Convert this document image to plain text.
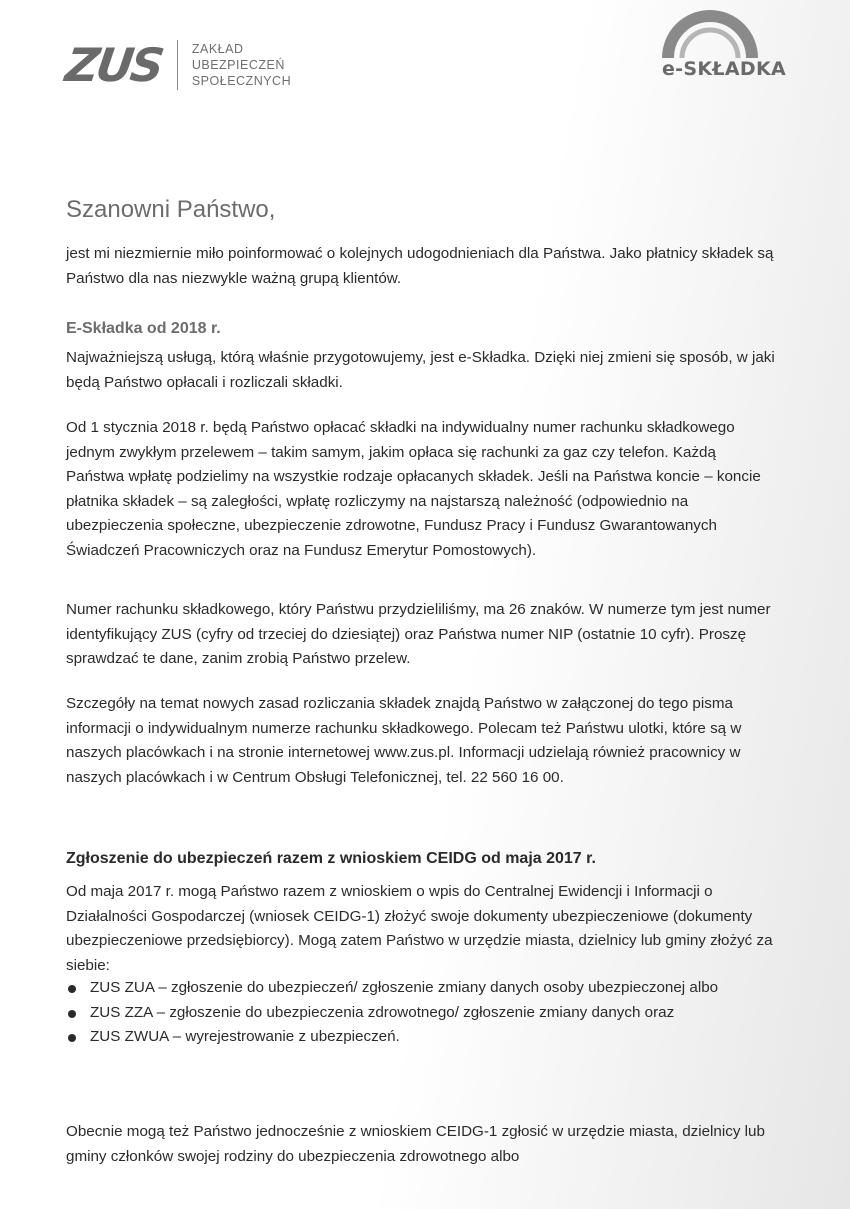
ZUS ZAKŁAD
UBEZPIECZEŃ
SPOŁECZNYCH
e-SKŁADKA
Szanowni Państwo,
jest mi niezmiernie miło poinformować o kolejnych udogodnieniach dla Państwa. Jako płatnicy składek są Państwo dla nas niezwykle ważną grupą klientów.
E-Składka od 2018 r.
Najważniejszą usługą, którą właśnie przygotowujemy, jest e-Składka. Dzięki niej zmieni się sposób, w jaki będą Państwo opłacali i rozliczali składki.
Od 1 stycznia 2018 r. będą Państwo opłacać składki na indywidualny numer rachunku składkowego jednym zwykłym przelewem – takim samym, jakim opłaca się rachunki za gaz czy telefon. Każdą Państwa wpłatę podzielimy na wszystkie rodzaje opłacanych składek. Jeśli na Państwa koncie – koncie płatnika składek – są zaległości, wpłatę rozliczymy na najstarszą należność (odpowiednio na ubezpieczenia społeczne, ubezpieczenie zdrowotne, Fundusz Pracy i Fundusz Gwarantowanych Świadczeń Pracowniczych oraz na Fundusz Emerytur Pomostowych).
Numer rachunku składkowego, który Państwu przydzieliliśmy, ma 26 znaków. W numerze tym jest numer identyfikujący ZUS (cyfry od trzeciej do dziesiątej) oraz Państwa numer NIP (ostatnie 10 cyfr). Proszę sprawdzać te dane, zanim zrobią Państwo przelew.
Szczegóły na temat nowych zasad rozliczania składek znajdą Państwo w załączonej do tego pisma informacji o indywidualnym numerze rachunku składkowego. Polecam też Państwu ulotki, które są w naszych placówkach i na stronie internetowej www.zus.pl. Informacji udzielają również pracownicy w naszych placówkach i w Centrum Obsługi Telefonicznej, tel. 22 560 16 00.
Zgłoszenie do ubezpieczeń razem z wnioskiem CEIDG od maja 2017 r.
Od maja 2017 r. mogą Państwo razem z wnioskiem o wpis do Centralnej Ewidencji i Informacji o Działalności Gospodarczej (wniosek CEIDG-1) złożyć swoje dokumenty ubezpieczeniowe (dokumenty ubezpieczeniowe przedsiębiorcy). Mogą zatem Państwo w urzędzie miasta, dzielnicy lub gminy złożyć za siebie:
ZUS ZUA – zgłoszenie do ubezpieczeń/ zgłoszenie zmiany danych osoby ubezpieczonej albo
ZUS ZZA – zgłoszenie do ubezpieczenia zdrowotnego/ zgłoszenie zmiany danych oraz
ZUS ZWUA – wyrejestrowanie z ubezpieczeń.
Obecnie mogą też Państwo jednocześnie z wnioskiem CEIDG-1 zgłosić w urzędzie miasta, dzielnicy lub gminy członków swojej rodziny do ubezpieczenia zdrowotnego albo
